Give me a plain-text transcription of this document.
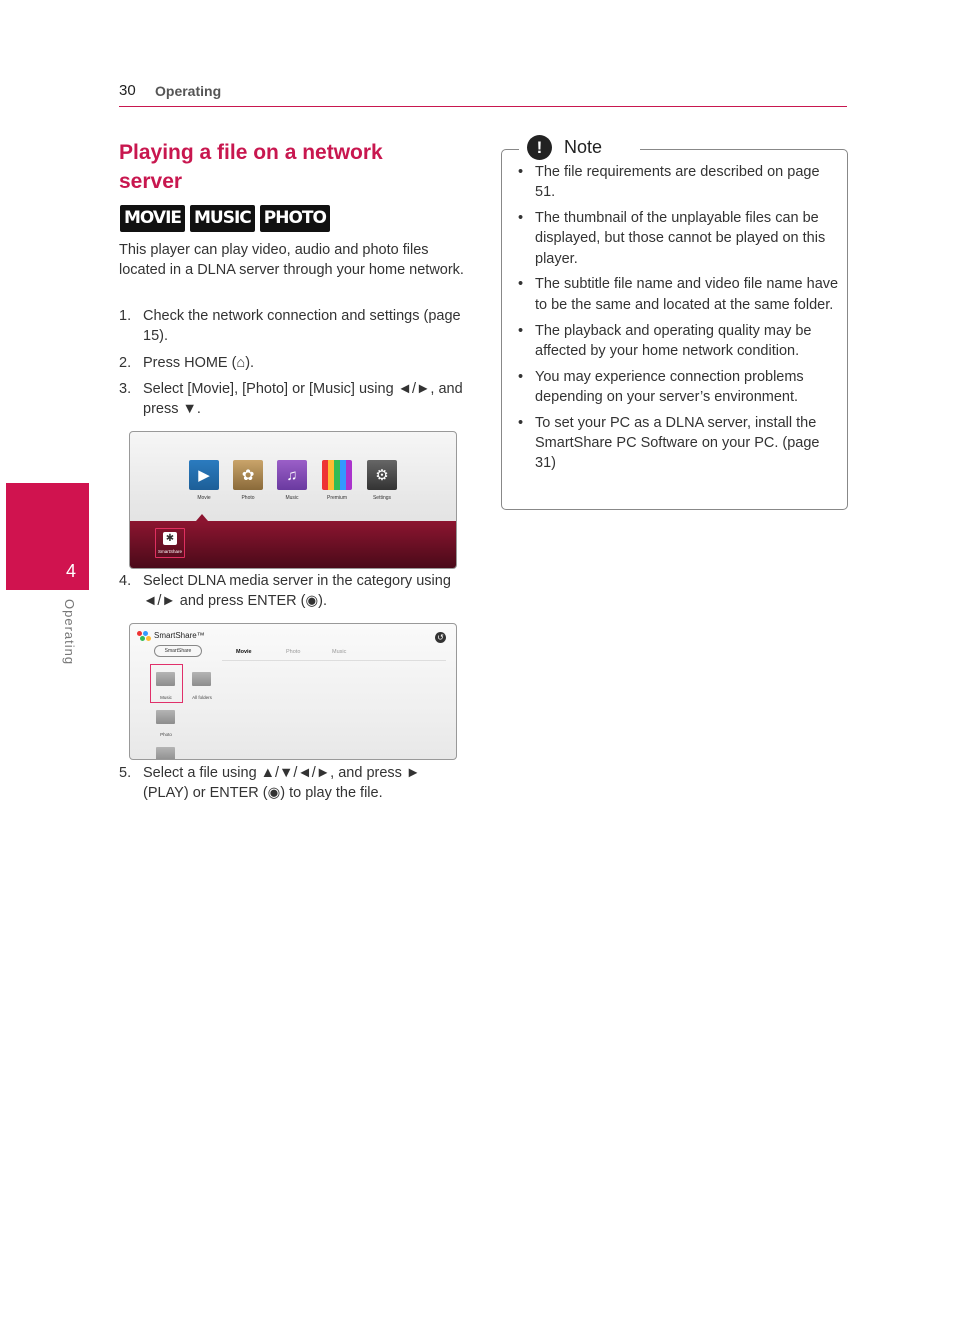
30 Operating
4
Operating
Playing a file on a network server
MOVIE MUSIC PHOTO
This player can play video, audio and photo files located in a DLNA server through your home network.
1. Check the network connection and settings (page 15).
2. Press HOME (⌂).
3. Select [Movie], [Photo] or [Music] using ◄/►, and press ▼.
▶	✿	♫	⚙
Movie	Photo	Music	Premium	Settings
✱
SmartShare
4. Select DLNA media server in the category using ◄/► and press ENTER (◉).
SmartShare™
SmartShare
↺
Movie	Photo	Music
Music	All folders
Photo
5. Select a file using ▲/▼/◄/►, and press ► (PLAY) or ENTER (◉) to play the file.
• The file requirements are described on page 51.
• The thumbnail of the unplayable files can be displayed, but those cannot be played on this player.
• The subtitle file name and video file name have to be the same and located at the same folder.
• The playback and operating quality may be affected by your home network condition.
• You may experience connection problems depending on your server’s environment.
• To set your PC as a DLNA server, install the SmartShare PC Software on your PC. (page 31)
!	Note
